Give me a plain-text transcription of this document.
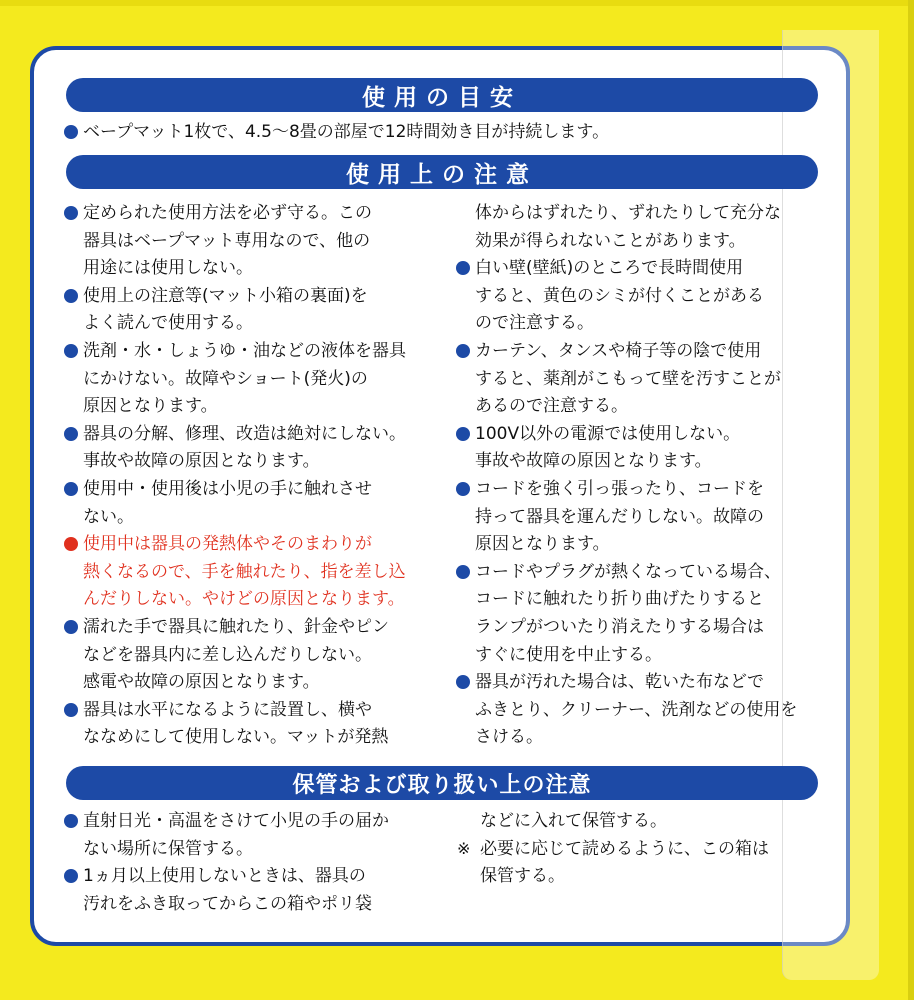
使用の目安
使用上の注意
保管および取り扱い上の注意
ベープマット1枚で、4.5〜8畳の部屋で12時間効き目が持続します。
定められた使用方法を必ず守る。この
器具はベープマット専用なので、他の
用途には使用しない。
使用上の注意等(マット小箱の裏面)を
よく読んで使用する。
洗剤・水・しょうゆ・油などの液体を器具
にかけない。故障やショート(発火)の
原因となります。
器具の分解、修理、改造は絶対にしない。
事故や故障の原因となります。
使用中・使用後は小児の手に触れさせ
ない。
使用中は器具の発熱体やそのまわりが
熱くなるので、手を触れたり、指を差し込
んだりしない。やけどの原因となります。
濡れた手で器具に触れたり、針金やピン
などを器具内に差し込んだりしない。
感電や故障の原因となります。
器具は水平になるように設置し、横や
ななめにして使用しない。マットが発熱
体からはずれたり、ずれたりして充分な
効果が得られないことがあります。
白い壁(壁紙)のところで長時間使用
すると、黄色のシミが付くことがある
ので注意する。
カーテン、タンスや椅子等の陰で使用
すると、薬剤がこもって壁を汚すことが
あるので注意する。
100V以外の電源では使用しない。
事故や故障の原因となります。
コードを強く引っ張ったり、コードを
持って器具を運んだりしない。故障の
原因となります。
コードやプラグが熱くなっている場合、
コードに触れたり折り曲げたりすると
ランプがついたり消えたりする場合は
すぐに使用を中止する。
器具が汚れた場合は、乾いた布などで
ふきとり、クリーナー、洗剤などの使用を
さける。
直射日光・高温をさけて小児の手の届か
ない場所に保管する。
1ヵ月以上使用しないときは、器具の
汚れをふき取ってからこの箱やポリ袋
などに入れて保管する。
※ 必要に応じて読めるように、この箱は
保管する。
